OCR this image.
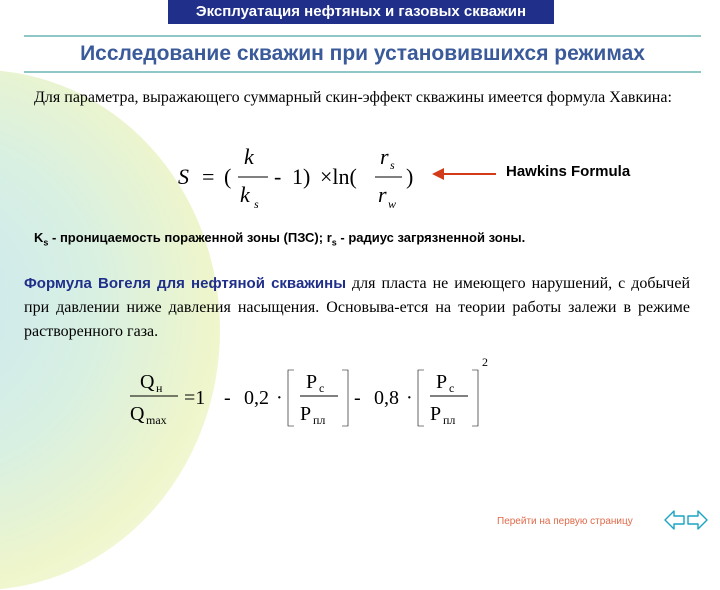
Эксплуатация нефтяных и газовых скважин
Исследование скважин при установившихся режимах
Для параметра, выражающего суммарный скин-эффект скважины имеется формула Хавкина:
S = (
k
k s
- 1) ×ln(
r s
r w
)	Hawkins Formula
$K_s$ - проницаемость пораженной зоны (ПЗС); $r_s$ - радиус загрязненной зоны.
Формула Вогеля для нефтяной скважины для пласта не имеющего нарушений, с добычей при давлении ниже давления насыщения. Основыва-ется на теории работы залежи в режиме растворенного газа.
Q н
Q max
=1 - 0,2 ·
P с
P пл
- 0,8 ·
P с
P пл
2
Перейти на первую страницу
